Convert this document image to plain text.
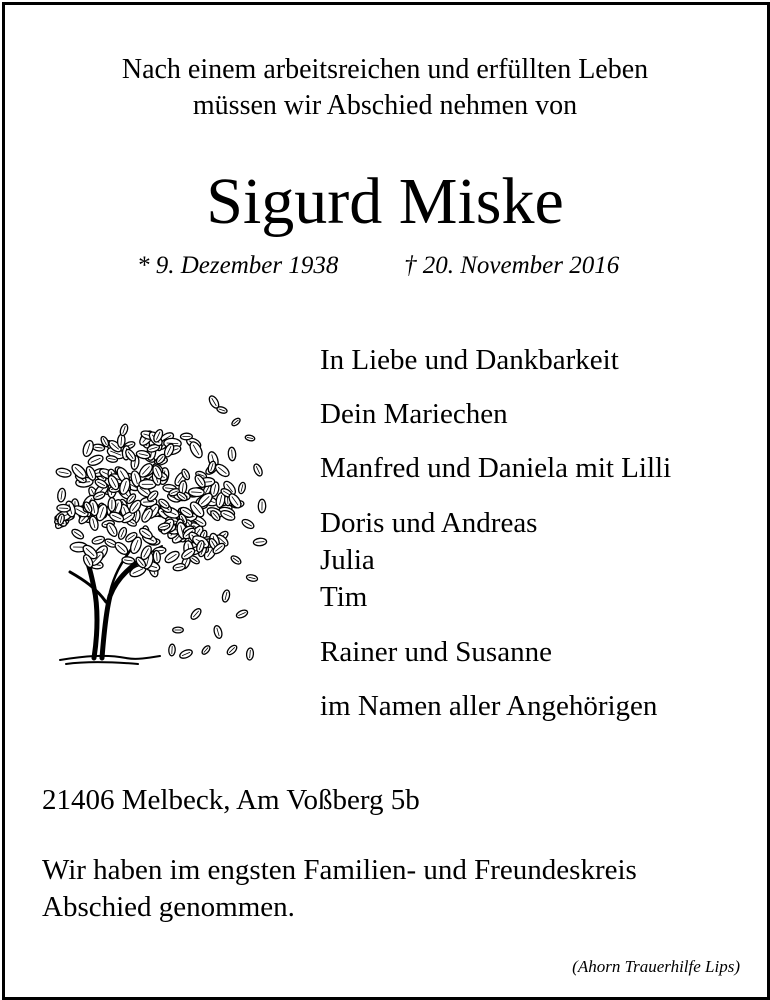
Nach einem arbeitsreichen und erfüllten Leben
müssen wir Abschied nehmen von
Sigurd Miske
* 9. Dezember 1938	† 20. November 2016
In Liebe und Dankbarkeit
Dein Mariechen
Manfred und Daniela mit Lilli
Doris und Andreas
Julia
Tim
Rainer und Susanne
im Namen aller Angehörigen
21406 Melbeck, Am Voßberg 5b
Wir haben im engsten Familien- und Freundeskreis
Abschied genommen.
(Ahorn Trauerhilfe Lips)
